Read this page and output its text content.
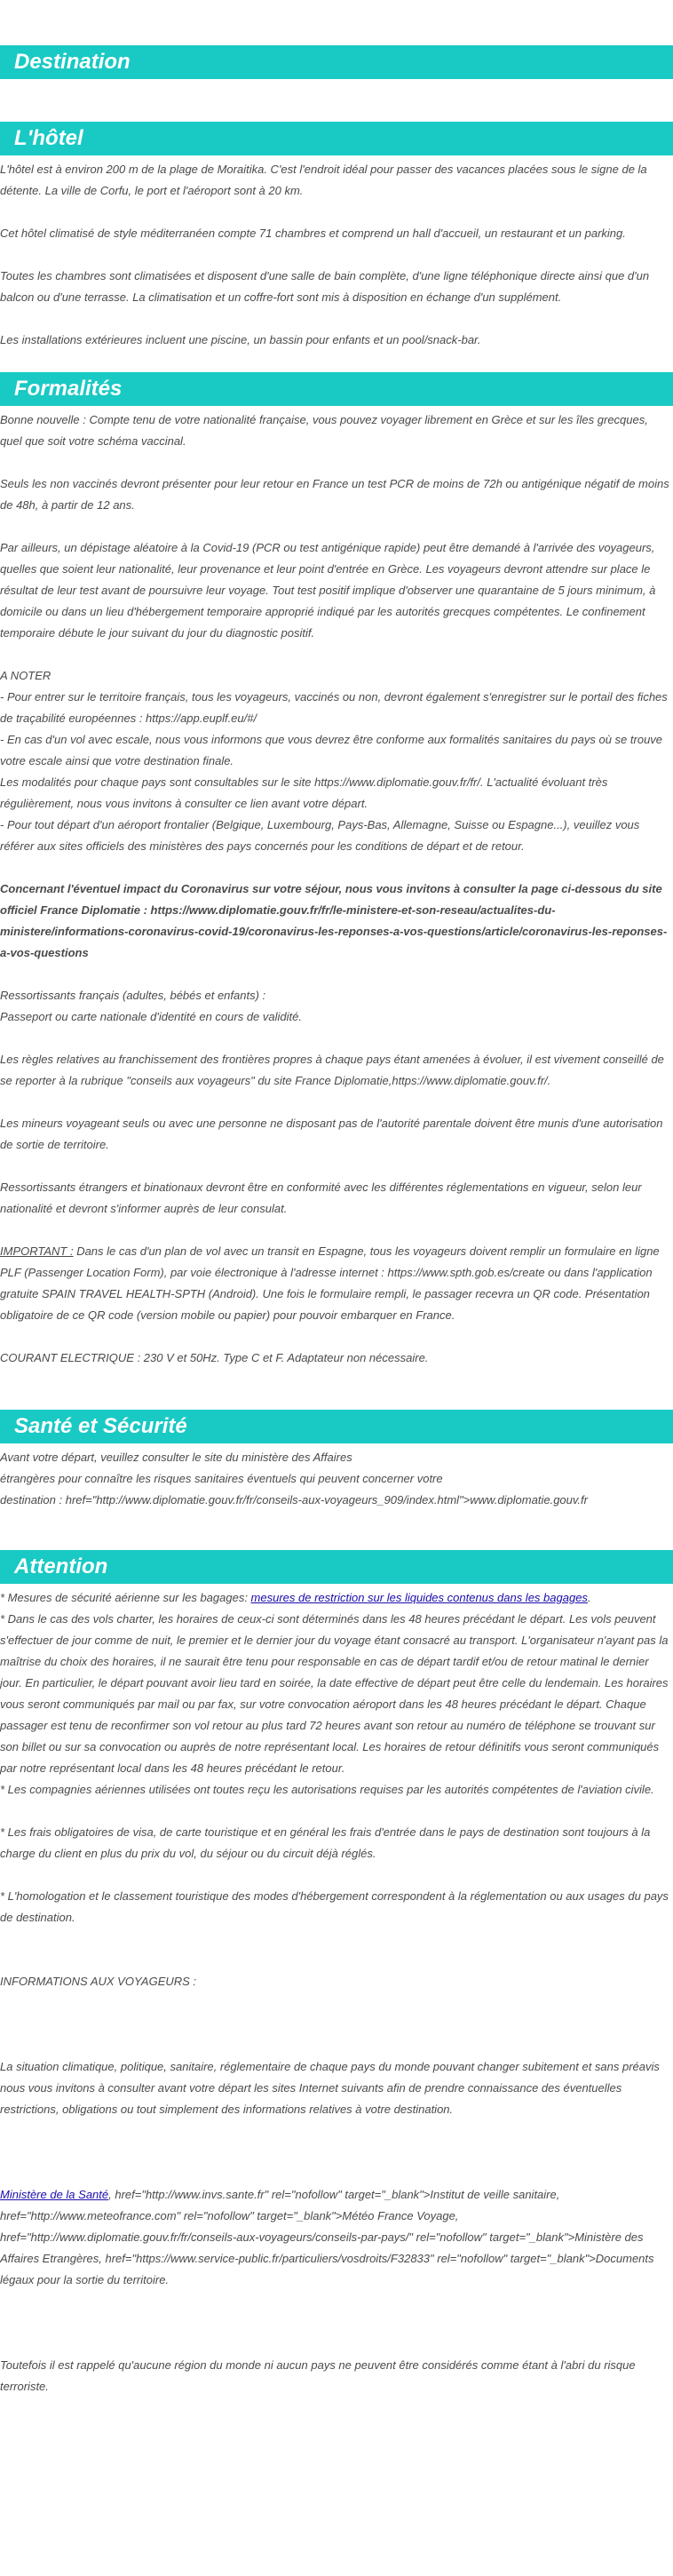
Destination
L'hôtel

L'hôtel est à environ 200 m de la plage de Moraitika. C'est l'endroit idéal pour passer des vacances placées sous le signe de la détente. La ville de Corfu, le port et l'aéroport sont à 20 km.

Cet hôtel climatisé de style méditerranéen compte 71 chambres et comprend un hall d'accueil, un restaurant et un parking.

Toutes les chambres sont climatisées et disposent d'une salle de bain complète, d'une ligne téléphonique directe ainsi que d'un balcon ou d'une terrasse. La climatisation et un coffre-fort sont mis à disposition en échange d'un supplément.

Les installations extérieures incluent une piscine, un bassin pour enfants et un pool/snack-bar.

Formalités

Bonne nouvelle : Compte tenu de votre nationalité française, vous pouvez voyager librement en Grèce et sur les îles grecques, quel que soit votre schéma vaccinal.

Seuls les non vaccinés devront présenter pour leur retour en France un test PCR de moins de 72h ou antigénique négatif de moins de 48h, à partir de 12 ans.

Par ailleurs, un dépistage aléatoire à la Covid-19 (PCR ou test antigénique rapide) peut être demandé à l'arrivée des voyageurs, quelles que soient leur nationalité, leur provenance et leur point d'entrée en Grèce. Les voyageurs devront attendre sur place le résultat de leur test avant de poursuivre leur voyage. Tout test positif implique d'observer une quarantaine de 5 jours minimum, à domicile ou dans un lieu d'hébergement temporaire approprié indiqué par les autorités grecques compétentes. Le confinement temporaire débute le jour suivant du jour du diagnostic positif.

A NOTER

- Pour entrer sur le territoire français, tous les voyageurs, vaccinés ou non, devront également s'enregistrer sur le portail des fiches de traçabilité européennes : https://app.euplf.eu/#/

- En cas d'un vol avec escale, nous vous informons que vous devrez être conforme aux formalités sanitaires du pays où se trouve votre escale ainsi que votre destination finale.

Les modalités pour chaque pays sont consultables sur le site https://www.diplomatie.gouv.fr/fr/. L'actualité évoluant très régulièrement, nous vous invitons à consulter ce lien avant votre départ.

- Pour tout départ d'un aéroport frontalier (Belgique, Luxembourg, Pays-Bas, Allemagne, Suisse ou Espagne...), veuillez vous référer aux sites officiels des ministères des pays concernés pour les conditions de départ et de retour.

Concernant l'éventuel impact du Coronavirus sur votre séjour, nous vous invitons à consulter la page ci-dessous du site officiel France Diplomatie : https://www.diplomatie.gouv.fr/fr/le-ministere-et-son-reseau/actualites-du-ministere/informations-coronavirus-covid-19/coronavirus-les-reponses-a-vos-questions/article/coronavirus-les-reponses-a-vos-questions

Ressortissants français (adultes, bébés et enfants) :

Passeport ou carte nationale d'identité en cours de validité.

Les règles relatives au franchissement des frontières propres à chaque pays étant amenées à évoluer, il est vivement conseillé de se reporter à la rubrique "conseils aux voyageurs" du site France Diplomatie,https://www.diplomatie.gouv.fr/.

Les mineurs voyageant seuls ou avec une personne ne disposant pas de l'autorité parentale doivent être munis d'une autorisation de sortie de territoire.

Ressortissants étrangers et binationaux devront être en conformité avec les différentes réglementations en vigueur, selon leur nationalité et devront s'informer auprès de leur consulat.

IMPORTANT : Dans le cas d'un plan de vol avec un transit en Espagne, tous les voyageurs doivent remplir un formulaire en ligne PLF (Passenger Location Form), par voie électronique à l'adresse internet : https://www.spth.gob.es/create ou dans l'application gratuite SPAIN TRAVEL HEALTH-SPTH (Android). Une fois le formulaire rempli, le passager recevra un QR code. Présentation obligatoire de ce QR code (version mobile ou papier) pour pouvoir embarquer en France.

COURANT ELECTRIQUE : 230 V et 50Hz. Type C et F. Adaptateur non nécessaire.

Santé et Sécurité

Avant votre départ, veuillez consulter le site du ministère des Affaires

étrangères pour connaître les risques sanitaires éventuels qui peuvent concerner votre

destination : href="http://www.diplomatie.gouv.fr/fr/conseils-aux-voyageurs_909/index.html">www.diplomatie.gouv.fr

Attention

* Mesures de sécurité aérienne sur les bagages: mesures de restriction sur les liquides contenus dans les bagages.

* Dans le cas des vols charter, les horaires de ceux-ci sont déterminés dans les 48 heures précédant le départ. Les vols peuvent s'effectuer de jour comme de nuit, le premier et le dernier jour du voyage étant consacré au transport. L'organisateur n'ayant pas la maîtrise du choix des horaires, il ne saurait être tenu pour responsable en cas de départ tardif et/ou de retour matinal le dernier jour. En particulier, le départ pouvant avoir lieu tard en soirée, la date effective de départ peut être celle du lendemain. Les horaires vous seront communiqués par mail ou par fax, sur votre convocation aéroport dans les 48 heures précédant le départ. Chaque passager est tenu de reconfirmer son vol retour au plus tard 72 heures avant son retour au numéro de téléphone se trouvant sur son billet ou sur sa convocation ou auprès de notre représentant local. Les horaires de retour définitifs vous seront communiqués par notre représentant local dans les 48 heures précédant le retour.

* Les compagnies aériennes utilisées ont toutes reçu les autorisations requises par les autorités compétentes de l'aviation civile.

* Les frais obligatoires de visa, de carte touristique et en général les frais d'entrée dans le pays de destination sont toujours à la charge du client en plus du prix du vol, du séjour ou du circuit déjà réglés.

* L'homologation et le classement touristique des modes d'hébergement correspondent à la réglementation ou aux usages du pays de destination.

INFORMATIONS AUX VOYAGEURS :

La situation climatique, politique, sanitaire, réglementaire de chaque pays du monde pouvant changer subitement et sans préavis

nous vous invitons à consulter avant votre départ les sites Internet suivants afin de prendre connaissance des éventuelles restrictions, obligations ou tout simplement des informations relatives à votre destination.

Ministère de la Santé, href="http://www.invs.sante.fr" rel="nofollow" target="_blank">Institut de veille sanitaire, href="http://www.meteofrance.com" rel="nofollow" target="_blank">Météo France Voyage, href="http://www.diplomatie.gouv.fr/fr/conseils-aux-voyageurs/conseils-par-pays/" rel="nofollow" target="_blank">Ministère des Affaires Etrangères, href="https://www.service-public.fr/particuliers/vosdroits/F32833" rel="nofollow" target="_blank">Documents légaux pour la sortie du territoire.

Toutefois il est rappelé qu'aucune région du monde ni aucun pays ne peuvent être considérés comme étant à l'abri du risque terroriste.
